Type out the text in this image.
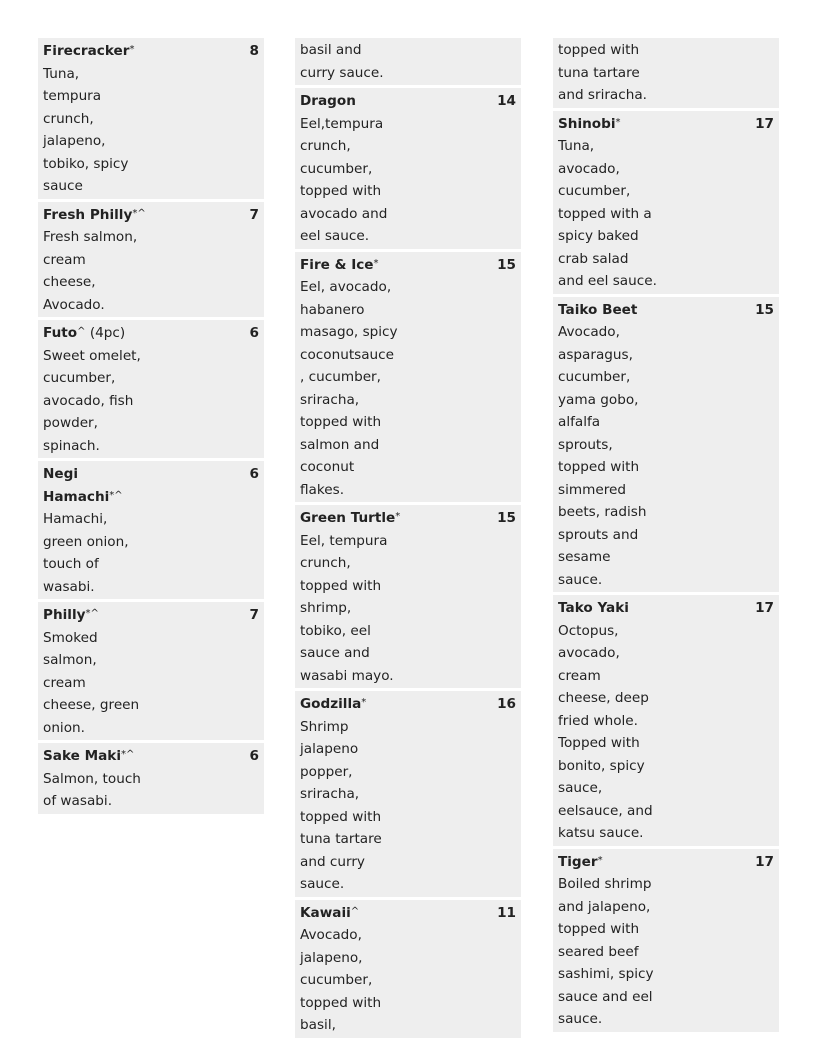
Firecracker*	8
Tuna,
tempura
crunch,
jalapeno,
tobiko, spicy
sauce
Fresh Philly*^	7
Fresh salmon,
cream
cheese,
Avocado.
Futo^ (4pc)	6
Sweet omelet,
cucumber,
avocado, fish
powder,
spinach.
Negi Hamachi*^
6
Hamachi,
green onion,
touch of
wasabi.
Philly*^	7
Smoked
salmon,
cream
cheese, green
onion.
Sake Maki*^	6
Salmon, touch
of wasabi.
basil and
curry sauce.
Dragon	14
Eel,tempura
crunch,
cucumber,
topped with
avocado and
eel sauce.
Fire & Ice*	15
Eel, avocado,
habanero
masago, spicy
coconutsauce
, cucumber,
sriracha,
topped with
salmon and
coconut
flakes.
Green Turtle*	15
Eel, tempura
crunch,
topped with
shrimp,
tobiko, eel
sauce and
wasabi mayo.
Godzilla*	16
Shrimp
jalapeno
popper,
sriracha,
topped with
tuna tartare
and curry
sauce.
Kawaii^	11
Avocado,
jalapeno,
cucumber,
topped with
basil,
topped with
tuna tartare
and sriracha.
Shinobi*	17
Tuna,
avocado,
cucumber,
topped with a
spicy baked
crab salad
and eel sauce.
Taiko Beet	15
Avocado,
asparagus,
cucumber,
yama gobo,
alfalfa
sprouts,
topped with
simmered
beets, radish
sprouts and
sesame
sauce.
Tako Yaki	17
Octopus,
avocado,
cream
cheese, deep
fried whole.
Topped with
bonito, spicy
sauce,
eelsauce, and
katsu sauce.
Tiger*	17
Boiled shrimp
and jalapeno,
topped with
seared beef
sashimi, spicy
sauce and eel
sauce.
